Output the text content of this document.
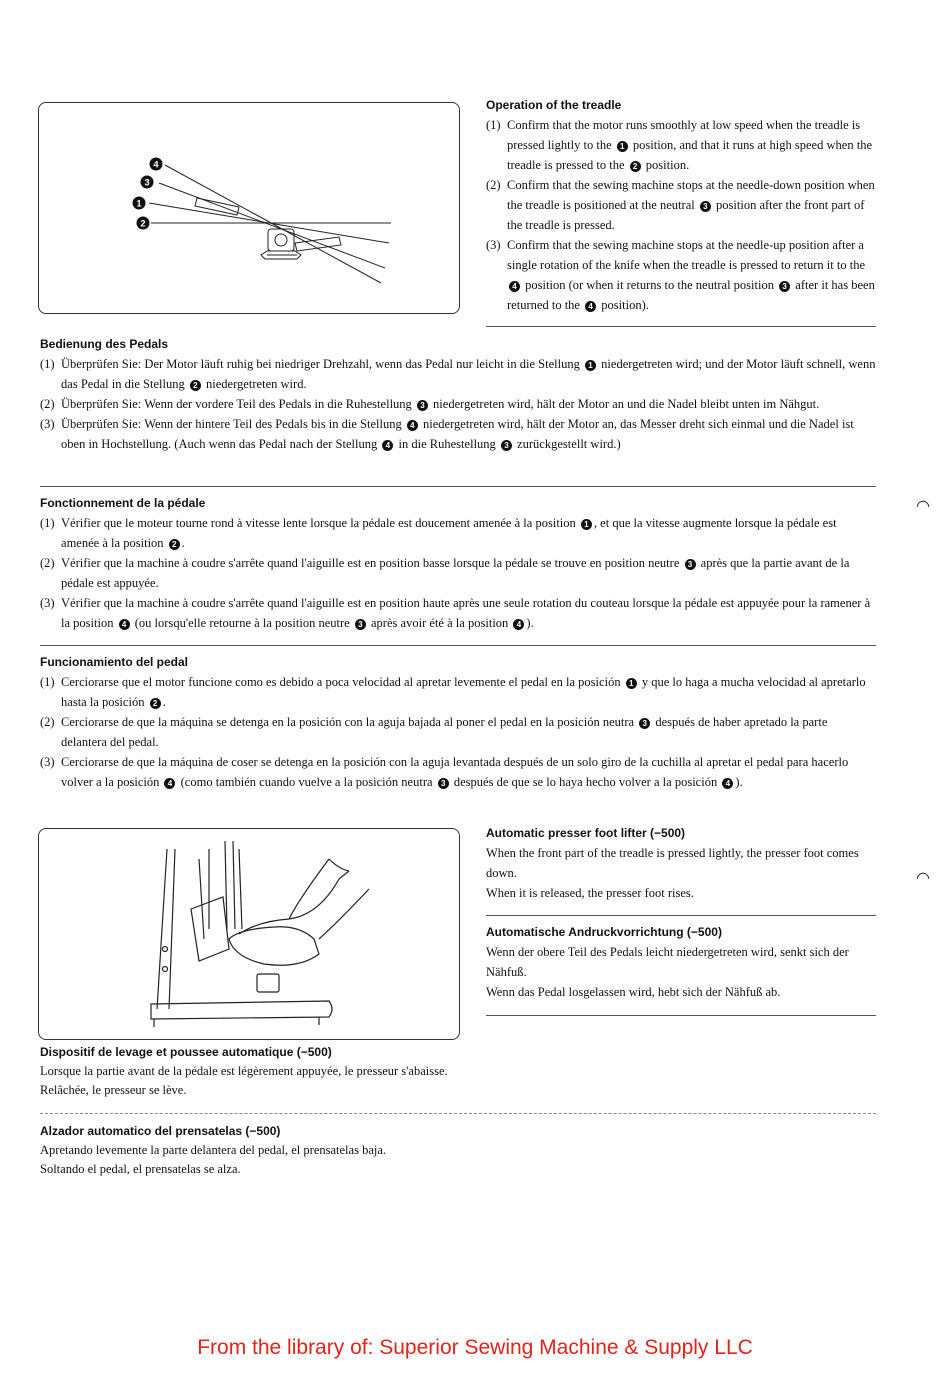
4
3
1
2
Operation of the treadle
(1) Confirm that the motor runs smoothly at low speed when the treadle is pressed lightly to the 1 position, and that it runs at high speed when the treadle is pressed to the 2 position.
(2) Confirm that the sewing machine stops at the needle-down position when the treadle is positioned at the neutral 3 position after the front part of the treadle is pressed.
(3) Confirm that the sewing machine stops at the needle-up position after a single rotation of the knife when the treadle is pressed to return it to the 4 position (or when it returns to the neutral position 3 after it has been returned to the 4 position).
Bedienung des Pedals
(1) Überprüfen Sie: Der Motor läuft ruhig bei niedriger Drehzahl, wenn das Pedal nur leicht in die Stellung 1 niedergetreten wird; und der Motor läuft schnell, wenn das Pedal in die Stellung 2 niedergetreten wird.
(2) Überprüfen Sie: Wenn der vordere Teil des Pedals in die Ruhestellung 3 niedergetreten wird, hält der Motor an und die Nadel bleibt unten im Nähgut.
(3) Überprüfen Sie: Wenn der hintere Teil des Pedals bis in die Stellung 4 niedergetreten wird, hält der Motor an, das Messer dreht sich einmal und die Nadel ist oben in Hochstellung. (Auch wenn das Pedal nach der Stellung 4 in die Ruhestellung 3 zurückgestellt wird.)
Fonctionnement de la pédale
(1) Vérifier que le moteur tourne rond à vitesse lente lorsque la pédale est doucement amenée à la position 1 , et que la vitesse augmente lorsque la pédale est amenée à la position 2 .
(2) Vérifier que la machine à coudre s'arrête quand l'aiguille est en position basse lorsque la pédale se trouve en position neutre 3 après que la partie avant de la pédale est appuyée.
(3) Vérifier que la machine à coudre s'arrête quand l'aiguille est en position haute après une seule rotation du couteau lorsque la pédale est appuyée pour la ramener à la position 4 (ou lorsqu'elle retourne à la position neutre 3 après avoir été à la position 4 ).
Funcionamiento del pedal
(1) Cerciorarse que el motor funcione como es debido a poca velocidad al apretar levemente el pedal en la posición 1 y que lo haga a mucha velocidad al apretarlo hasta la posición 2 .
(2) Cerciorarse de que la máquina se detenga en la posición con la aguja bajada al poner el pedal en la posición neutra 3 después de haber apretado la parte delantera del pedal.
(3) Cerciorarse de que la máquina de coser se detenga en la posición con la aguja levantada después de un solo giro de la cuchilla al apretar el pedal para hacerlo volver a la posición 4 (como también cuando vuelve a la posición neutra 3 después de que se lo haya hecho volver a la posición 4 ).
Automatic presser foot lifter (−500)
When the front part of the treadle is pressed lightly, the presser foot comes down.
When it is released, the presser foot rises.
Automatische Andruckvorrichtung (−500)
Wenn der obere Teil des Pedals leicht niedergetreten wird, senkt sich der Nähfuß.
Wenn das Pedal losgelassen wird, hebt sich der Nähfuß ab.
Dispositif de levage et poussee automatique (−500)
Lorsque la partie avant de la pédale est légèrement appuyée, le presseur s'abaisse.
Relâchée, le presseur se lève.
Alzador automatico del prensatelas (−500)
Apretando levemente la parte delantera del pedal, el prensatelas baja.
Soltando el pedal, el prensatelas se alza.
◠
◠
From the library of: Superior Sewing Machine & Supply LLC
